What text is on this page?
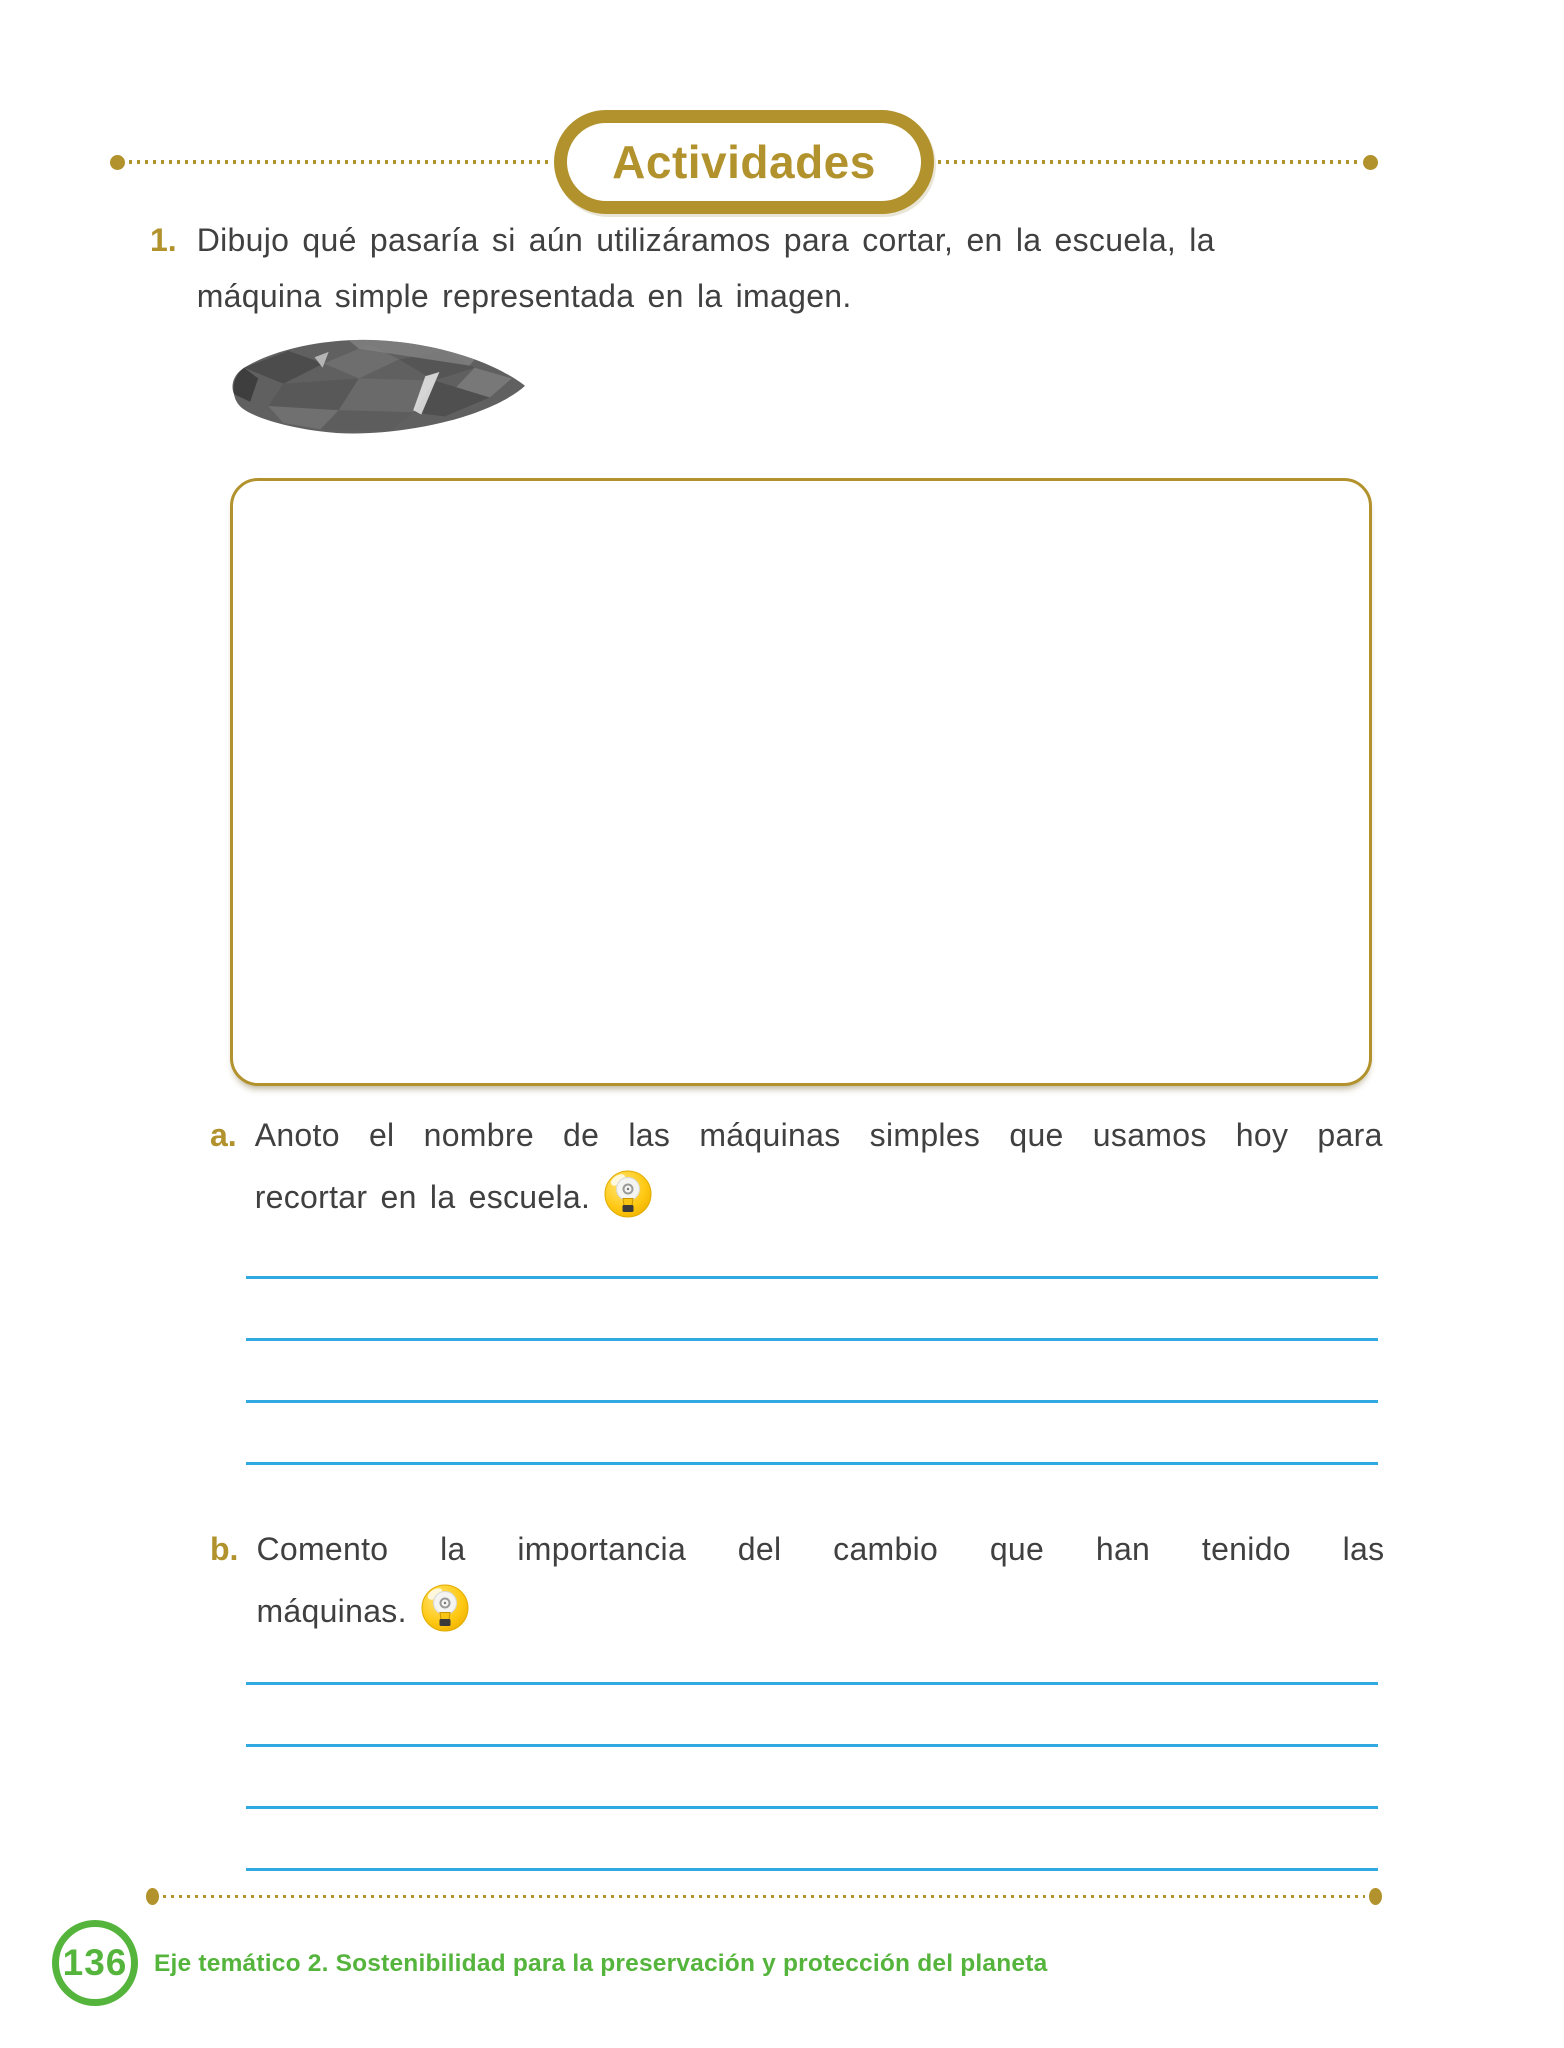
Actividades
1. Dibujo qué pasaría si aún utilizáramos para cortar, en la escuela, la
máquina simple representada en la imagen.
a. Anoto el nombre de las máquinas simples que usamos hoy para
recortar en la escuela.
b. Comento la importancia del cambio que han tenido las
máquinas.
136 Eje temático 2. Sostenibilidad para la preservación y protección del planeta
